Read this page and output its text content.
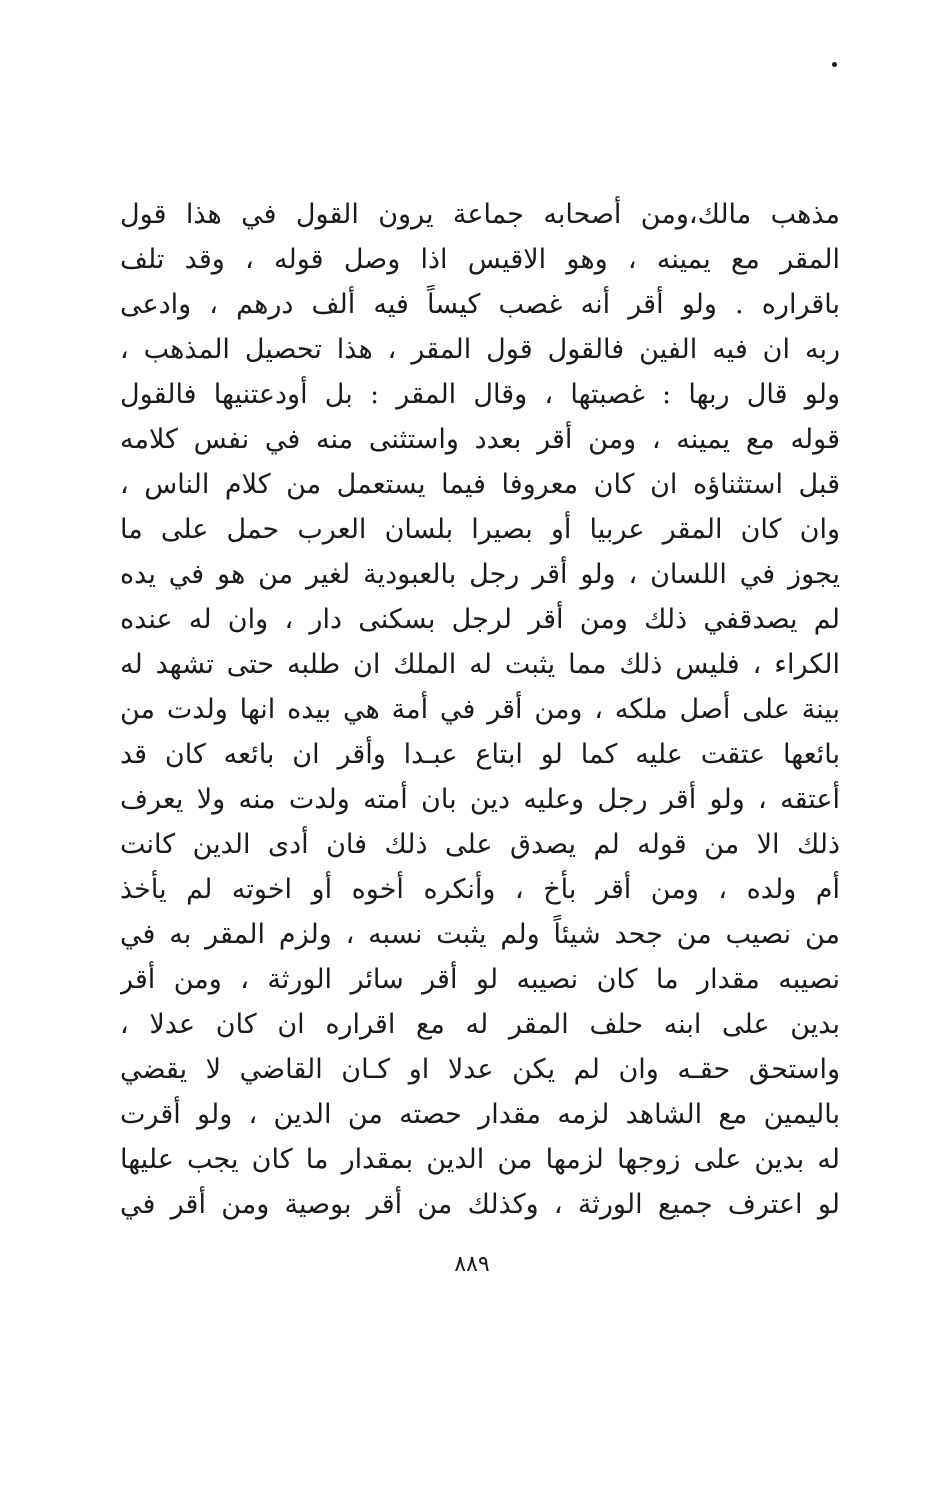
مذهب مالك،ومن أصحابه جماعة يرون القول في هذا قول
المقر مع يمينه ، وهو الاقيس اذا وصل قوله ، وقد تلف
باقراره . ولو أقر أنه غصب كيساً فيه ألف درهم ، وادعى
ربه ان فيه الفين فالقول قول المقر ، هذا تحصيل المذهب ،
ولو قال ربها : غصبتها ، وقال المقر : بل أودعتنيها فالقول
قوله مع يمينه ، ومن أقر بعدد واستثنى منه في نفس كلامه
قبل استثناؤه ان كان معروفا فيما يستعمل من كلام الناس ،
وان كان المقر عربيا أو بصيرا بلسان العرب حمل على ما
يجوز في اللسان ، ولو أقر رجل بالعبودية لغير من هو في يده
لم يصدقفي ذلك ومن أقر لرجل بسكنى دار ، وان له عنده
الكراء ، فليس ذلك مما يثبت له الملك ان طلبه حتى تشهد له
بينة على أصل ملكه ، ومن أقر في أمة هي بيده انها ولدت من
بائعها عتقت عليه كما لو ابتاع عبـدا وأقر ان بائعه كان قد
أعتقه ، ولو أقر رجل وعليه دين بان أمته ولدت منه ولا يعرف
ذلك الا من قوله لم يصدق على ذلك فان أدى الدين كانت
أم ولده ، ومن أقر بأخ ، وأنكره أخوه أو اخوته لم يأخذ
من نصيب من جحد شيئاً ولم يثبت نسبه ، ولزم المقر به في
نصيبه مقدار ما كان نصيبه لو أقر سائر الورثة ، ومن أقر
بدين على ابنه حلف المقر له مع اقراره ان كان عدلا ،
واستحق حقـه وان لم يكن عدلا او كـان القاضي لا يقضي
باليمين مع الشاهد لزمه مقدار حصته من الدين ، ولو أقرت
له بدين على زوجها لزمها من الدين بمقدار ما كان يجب عليها
لو اعترف جميع الورثة ، وكذلك من أقر بوصية ومن أقر في
٨٨٩
